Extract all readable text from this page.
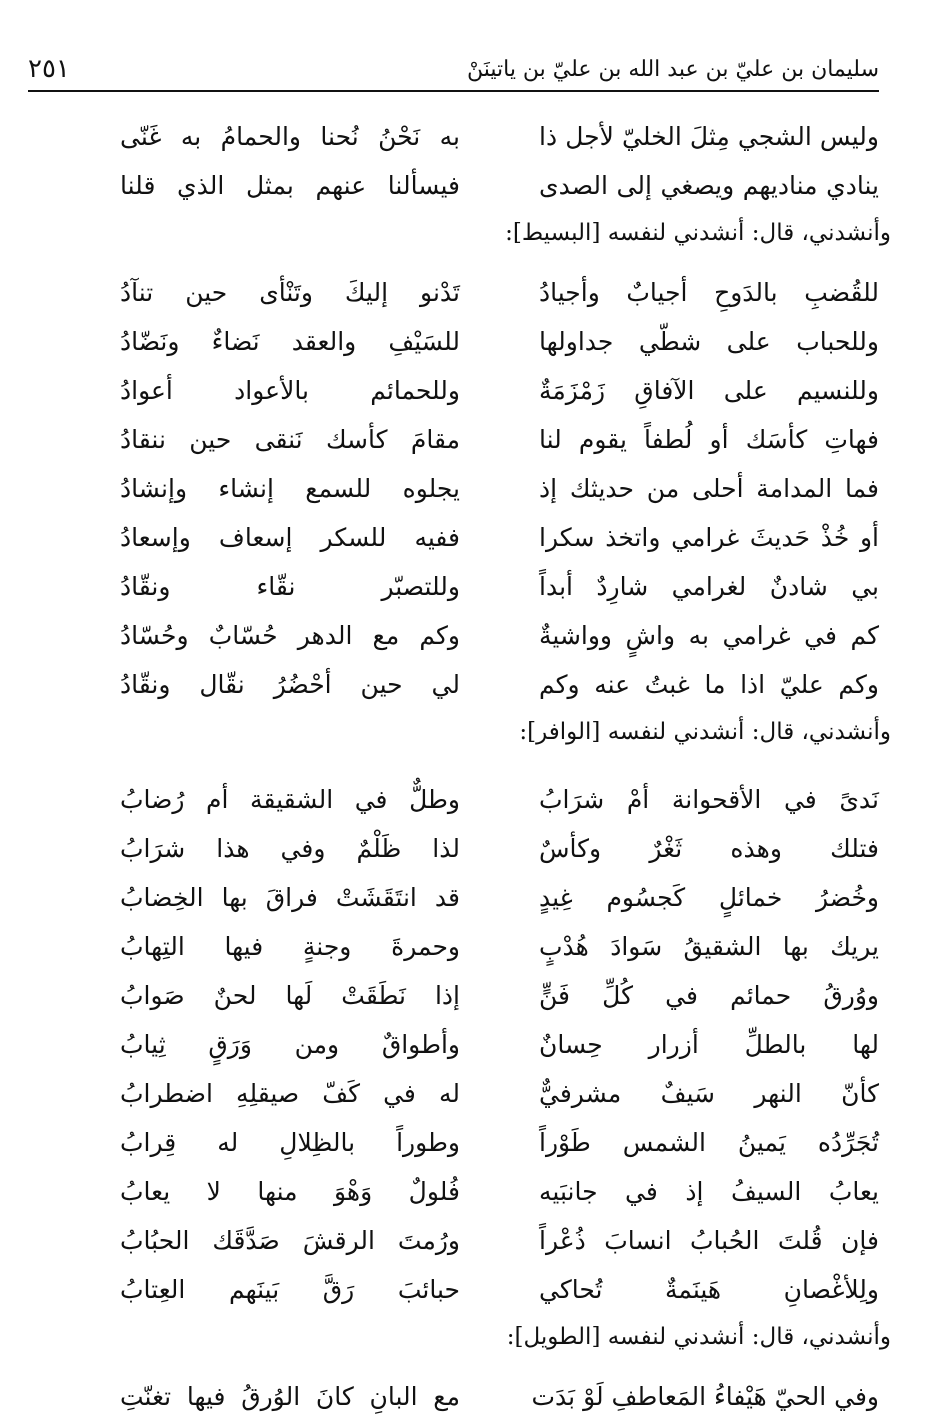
٢٥١	سليمان بن عليّ بن عبد الله بن عليّ بن ياتينَنْ
وليس الشجي مِثلَ الخليّ لأجل ذا
به نَحْنُ نُحنا والحمامُ به غَنّى
ينادي مناديهم ويصغي إلى الصدى
فيسألنا عنهم بمثل الذي قلنا
وأنشدني، قال: أنشدني لنفسه [البسيط]:
للقُضبِ بالدَوحِ أجيابٌ وأجيادُ
تَدْنو إليكَ وتَنْأى حين تنآدُ
وللحباب على شطّي جداولها
للسَيْفِ والعقد نَضاءٌ ونَضّادُ
وللنسيم على الآفاقِ زَمْزَمَةٌ
وللحمائم بالأعواد أعوادُ
فهاتِ كأسَك أو لُطفاً يقوم لنا
مقامَ كأسك نَنقى حين ننقادُ
فما المدامة أحلى من حديثك إذ
يجلوه للسمع إنشاء وإنشادُ
أو خُذْ حَديثَ غرامي واتخذ سكرا
ففيه للسكر إسعاف وإسعادُ
بي شادنٌ لغرامي شارِدٌ أبداً
وللتصبّر نقّاء ونقّادُ
كم في غرامي به واشٍ وواشيةٌ
وكم مع الدهر حُسّابٌ وحُسّادُ
وكم عليّ اذا ما غبتُ عنه وكم
لي حين أحْضُرُ نقّال ونقّادُ
وأنشدني، قال: أنشدني لنفسه [الوافر]:
نَدىً في الأقحوانة أمْ شرَابُ
وطلٌّ في الشقيقة أم رُضابُ
فتلك وهذه ثَغْرٌ وكأسٌ
لذا ظَلْمٌ وفي هذا شرَابُ
وخُضرُ خمائلٍ كَجسُوم غِيدٍ
قد انتَقَشَتْ فراقَ بها الخِضابُ
يريك بها الشقيقُ سَوادَ هُدْبٍ
وحمرةَ وجنةٍ فيها التِهابُ
ووُرقُ حمائم في كُلِّ فَنٍّ
إذا نَطَقَتْ لَها لحنٌ صَوابُ
لها بالطلِّ أزرار حِسانٌ
وأطواقٌ ومن وَرَقٍ ثِيابُ
كأنّ النهر سَيفٌ مشرفيٌّ
له في كَفّ صيقلِهِ اضطرابُ
تُجَرِّدُه يَمينُ الشمس طَوْراً
وطوراً بالظِلالِ له قِرابُ
يعابُ السيفُ إذ في جانبَيه
فُلولٌ وَهْوَ منها لا يعابُ
فإن قُلتَ الحُبابُ انسابَ ذُعْراً
ورُمتَ الرقشَ صَدَّقَك الحبُابُ
ولِلأغْصانِ هَينَمةٌ تُحاكي
حبائبَ رَقَّ بَينَهم العِتابُ
وأنشدني، قال: أنشدني لنفسه [الطويل]:
وفي الحيّ هَيْفاءُ المَعاطفِ لَوْ بَدَت
مع البانِ كانَ الوُرقُ فيها تغنّتِ
